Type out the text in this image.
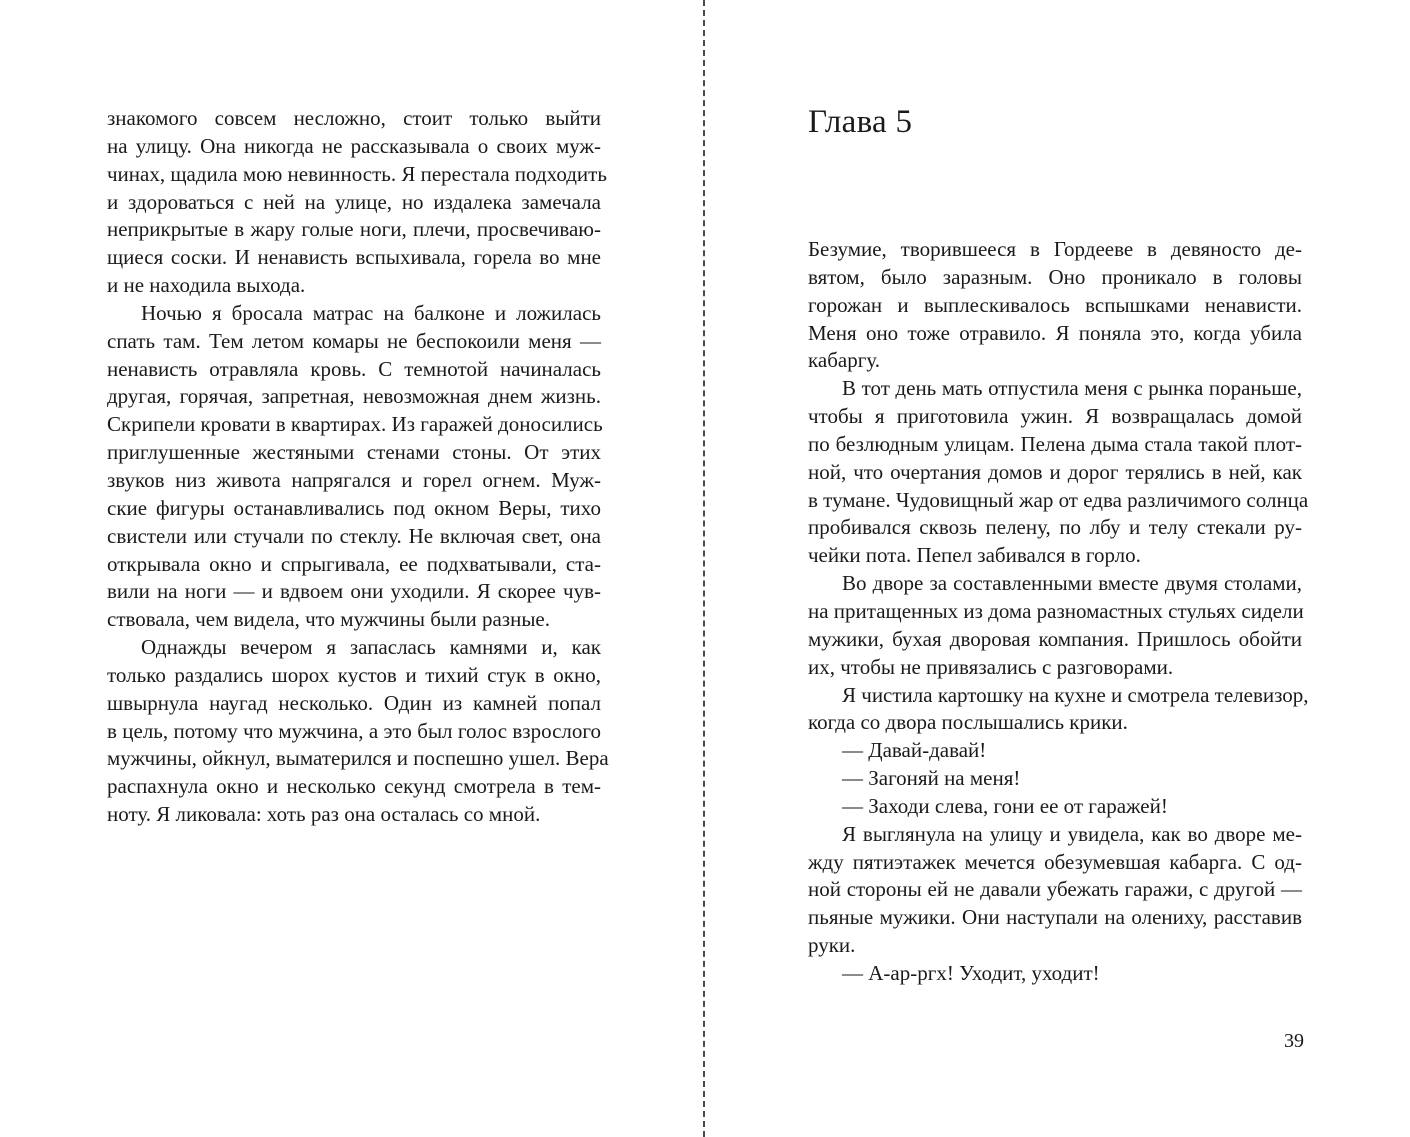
знакомого совсем несложно, стоит только выйти
на улицу. Она никогда не рассказывала о своих муж-
чинах, щадила мою невинность. Я перестала подходить
и здороваться с ней на улице, но издалека замечала
неприкрытые в жару голые ноги, плечи, просвечиваю-
щиеся соски. И ненависть вспыхивала, горела во мне
и не находила выхода.

Ночью я бросала матрас на балконе и ложилась
спать там. Тем летом комары не беспокоили меня —
ненависть отравляла кровь. С темнотой начиналась
другая, горячая, запретная, невозможная днем жизнь.
Скрипели кровати в квартирах. Из гаражей доносились
приглушенные жестяными стенами стоны. От этих
звуков низ живота напрягался и горел огнем. Муж-
ские фигуры останавливались под окном Веры, тихо
свистели или стучали по стеклу. Не включая свет, она
открывала окно и спрыгивала, ее подхватывали, ста-
вили на ноги — и вдвоем они уходили. Я скорее чув-
ствовала, чем видела, что мужчины были разные.

Однажды вечером я запаслась камнями и, как
только раздались шорох кустов и тихий стук в окно,
швырнула наугад несколько. Один из камней попал
в цель, потому что мужчина, а это был голос взрослого
мужчины, ойкнул, выматерился и поспешно ушел. Вера
распахнула окно и несколько секунд смотрела в тем-
ноту. Я ликовала: хоть раз она осталась со мной.

Глава 5

Безумие, творившееся в Гордееве в девяносто де-
вятом, было заразным. Оно проникало в головы
горожан и выплескивалось вспышками ненависти.
Меня оно тоже отравило. Я поняла это, когда убила
кабаргу.

В тот день мать отпустила меня с рынка пораньше,
чтобы я приготовила ужин. Я возвращалась домой
по безлюдным улицам. Пелена дыма стала такой плот-
ной, что очертания домов и дорог терялись в ней, как
в тумане. Чудовищный жар от едва различимого солнца
пробивался сквозь пелену, по лбу и телу стекали ру-
чейки пота. Пепел забивался в горло.

Во дворе за составленными вместе двумя столами,
на притащенных из дома разномастных стульях сидели
мужики, бухая дворовая компания. Пришлось обойти
их, чтобы не привязались с разговорами.

Я чистила картошку на кухне и смотрела телевизор,
когда со двора послышались крики.

— Давай-давай!

— Загоняй на меня!

— Заходи слева, гони ее от гаражей!

Я выглянула на улицу и увидела, как во дворе ме-
жду пятиэтажек мечется обезумевшая кабарга. С од-
ной стороны ей не давали убежать гаражи, с другой —
пьяные мужики. Они наступали на олениху, расставив
руки.

— А-ар-ргх! Уходит, уходит!

39
